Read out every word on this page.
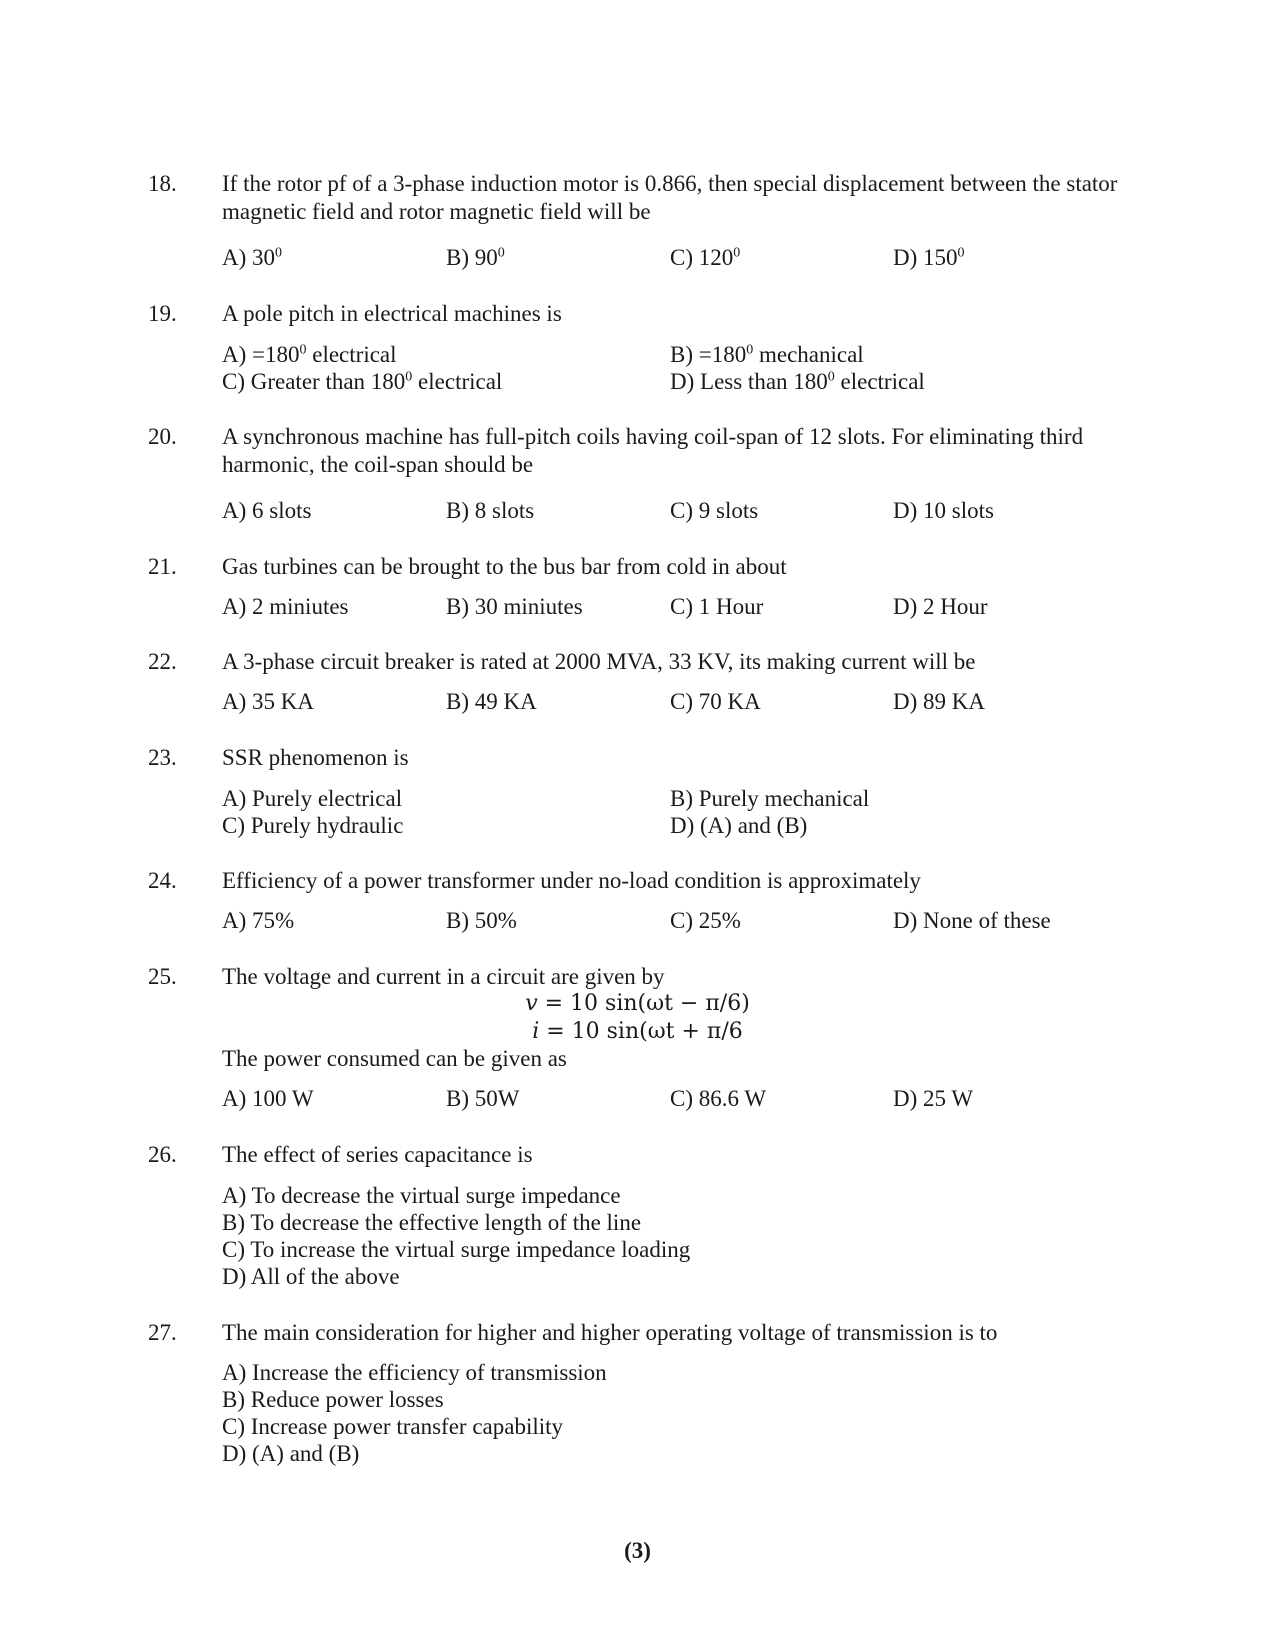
18. If the rotor pf of a 3-phase induction motor is 0.866, then special displacement between the stator magnetic field and rotor magnetic field will be
A) $30^0$	B) $90^0$	C) $120^0$	D) $150^0$
19. A pole pitch in electrical machines is
$A) =180^0$ electrical	$B) =180^0$ mechanical
C) Greater than $180^0$ electrical	D) Less than $180^0$ electrical
20. A synchronous machine has full-pitch coils having coil-span of 12 slots. For eliminating third harmonic, the coil-span should be
A) 6 slots	B) 8 slots	C) 9 slots	D) 10 slots
21. Gas turbines can be brought to the bus bar from cold in about
A) 2 miniutes	B) 30 miniutes	C) 1 Hour	D) 2 Hour
22. A 3-phase circuit breaker is rated at 2000 MVA, 33 KV, its making current will be
A) 35 KA	B) 49 KA	C) 70 KA	D) 89 KA
23. SSR phenomenon is
A) Purely electrical	B) Purely mechanical
C) Purely hydraulic	D) (A) and (B)
24. Efficiency of a power transformer under no-load condition is approximately
A) 75%	B) 50%	C) 25%	D) None of these
25. The voltage and current in a circuit are given by
v = 10 sin(ωt − π/6)
i = 10 sin(ωt + π/6
The power consumed can be given as
A) 100 W	B) 50W	C) 86.6 W	D) 25 W
26. The effect of series capacitance is
A) To decrease the virtual surge impedance
B) To decrease the effective length of the line
C) To increase the virtual surge impedance loading
D) All of the above
27. The main consideration for higher and higher operating voltage of transmission is to
A) Increase the efficiency of transmission
B) Reduce power losses
C) Increase power transfer capability
D) (A) and (B)
(3)
